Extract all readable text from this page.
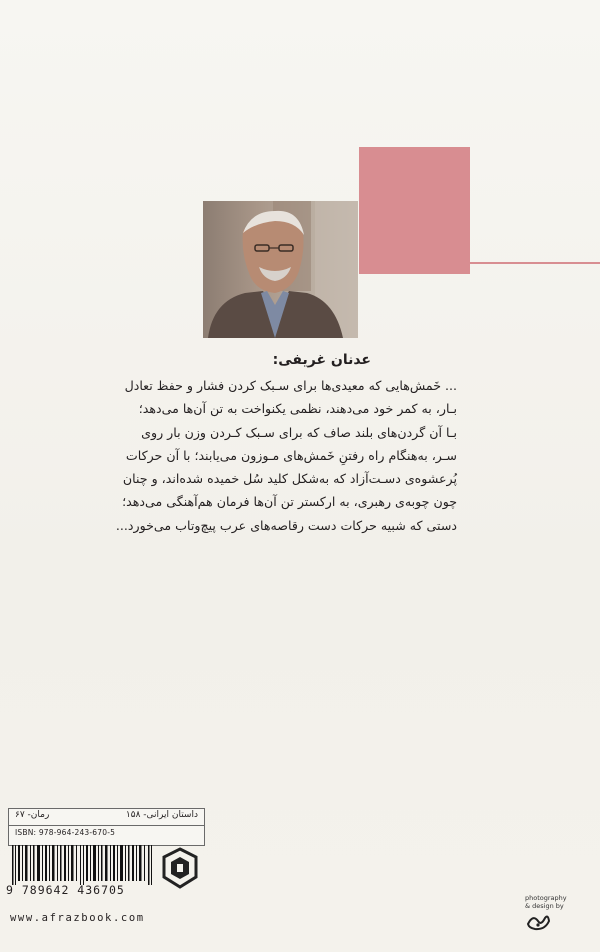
عدنان غریفی:

... خَمش‌هایی که معیدی‌ها برای سـبک کردن فشار و حفظ تعادل

بـار، به کمر خود می‌دهند، نظمی یکنواخت به تن آن‌ها می‌دهد؛

بـا آن گردن‌های بلند صاف که برای سـبک کـردن وزن بار روی

سـر، به‌هنگام راه رفتنِ خَمش‌های مـوزون می‌یابند؛ با آن حرکات

پُرعشوه‌ی دسـت‌آزاد که به‌شکل کلید سُل خمیده شده‌اند، و چنان

چون چوبه‌ی رهبری، به ارکستر تن آن‌ها فرمان هم‌آهنگی می‌دهد؛

دستی که شبیه حرکات دست رقاصه‌های عرب پیچ‌وتاب می‌خورد...

داستان ایرانی- ۱۵۸
رمان- ۶۷
ISBN: 978-964-243-670-5
9 789642 436705
www.afrazbook.com
photography
& design by
